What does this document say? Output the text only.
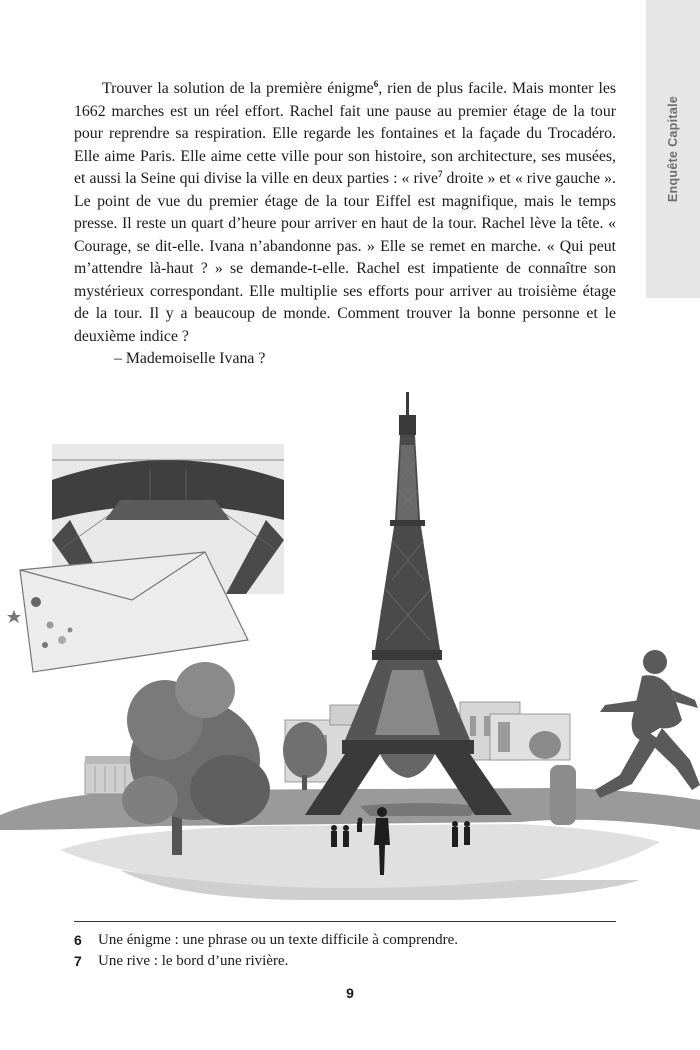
Enquête Capitale

Trouver la solution de la première énigme$^6$, rien de plus facile. Mais monter les 1662 marches est un réel effort. Rachel fait une pause au premier étage de la tour pour reprendre sa respiration. Elle regarde les fontaines et la façade du Trocadéro. Elle aime Paris. Elle aime cette ville pour son histoire, son architecture, ses musées, et aussi la Seine qui divise la ville en deux parties : « rive$^7$ droite » et « rive gauche ». Le point de vue du premier étage de la tour Eiffel est magnifique, mais le temps presse. Il reste un quart d’heure pour arriver en haut de la tour. Rachel lève la tête. « Courage, se dit-elle. Ivana n’abandonne pas. » Elle se remet en marche. « Qui peut m’attendre là-haut ? » se demande-t-elle. Rachel est impatiente de connaître son mystérieux correspondant. Elle multiplie ses efforts pour arriver au troisième étage de la tour. Il y a beaucoup de monde. Comment trouver la bonne personne et le deuxième indice ?

– Mademoiselle Ivana ?

6	Une énigme : une phrase ou un texte difficile à comprendre.
7	Une rive : le bord d’une rivière.
9
